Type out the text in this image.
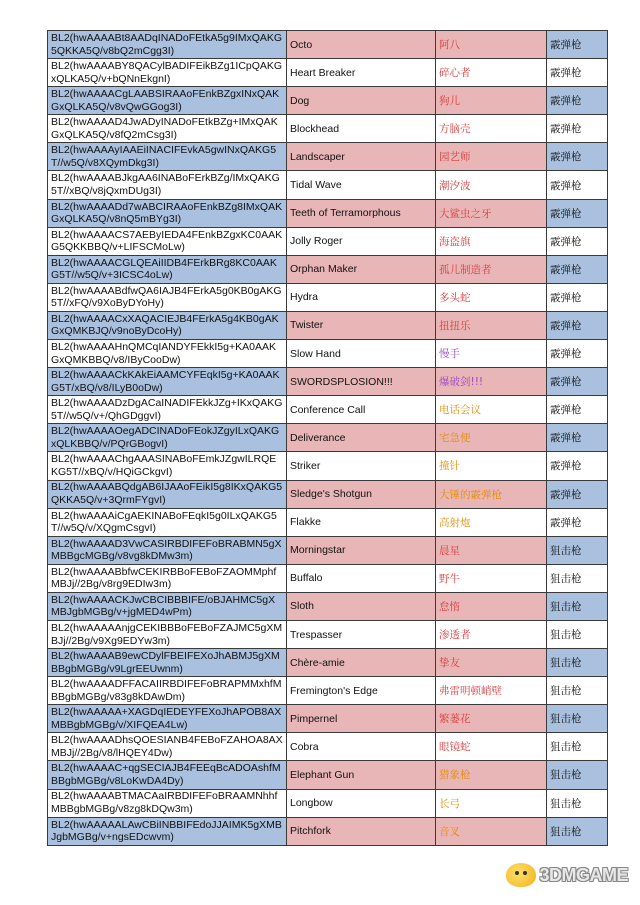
BL2(hwAAAABt8AADqINADoFEtkA5g9IMxQAKG5QKKA5Q/v8bQ2mCgg3I)	Octo	阿八	霰弹枪
BL2(hwAAAABY8QACylBADIFEikBZg1ICpQAKGxQLKA5Q/v+bQNnEkgnI)	Heart Breaker	碎心者	霰弹枪
BL2(hwAAAACgLAABSIRAAoFEnkBZgxINxQAKGxQLKA5Q/v8vQwGGog3I)	Dog	狗儿	霰弹枪
BL2(hwAAAAD4JwADyINADoFEtkBZg+IMxQAKGxQLKA5Q/v8fQ2mCsg3I)	Blockhead	方脑壳	霰弹枪
BL2(hwAAAAyIAAEiINACIFEvkA5gwINxQAKG5T//w5Q/v8XQymDkg3I)	Landscaper	园艺师	霰弹枪
BL2(hwAAAABJkgAA6INABoFErkBZg/IMxQAKG5T//xBQ/v8jQxmDUg3I)	Tidal Wave	潮汐波	霰弹枪
BL2(hwAAAADd7wABCIRAAoFEnkBZg8IMxQAKGxQLKA5Q/v8nQ5mBYg3I)	Teeth of Terramorphous	大鲨虫之牙	霰弹枪
BL2(hwAAAACS7AEByIEDA4FEnkBZgxKC0AAKG5QKKBBQ/v+LIFSCMoLw)	Jolly Roger	海盗旗	霰弹枪
BL2(hwAAAACGLQEAiIIDB4FErkBRg8KC0AAKG5T//w5Q/v+3ICSC4oLw)	Orphan Maker	孤儿制造者	霰弹枪
BL2(hwAAAABdfwQA6IAJB4FErkA5g0KB0gAKG5T//xFQ/v9XoByDYoHy)	Hydra	多头蛇	霰弹枪
BL2(hwAAAACxXAQACIEJB4FErkA5g4KB0gAKGxQMKBJQ/v9noByDcoHy)	Twister	扭扭乐	霰弹枪
BL2(hwAAAAHnQMCqIANDYFEkkI5g+KA0AAKGxQMKBBQ/v8/IByCooDw)	Slow Hand	慢手	霰弹枪
BL2(hwAAAACkKAkEiAAMCYFEqkI5g+KA0AAKG5T/xBQ/v8/ILyB0oDw)	SWORDSPLOSION!!!	爆破剑!!!	霰弹枪
BL2(hwAAAADzDgACaINADIFEkkJZg+IKxQAKG5T//w5Q/v+/QhGDggvI)	Conference Call	电话会议	霰弹枪
BL2(hwAAAAOegADCINADoFEokJZgyILxQAKGxQLKBBQ/v/PQrGBogvI)	Deliverance	宅急便	霰弹枪
BL2(hwAAAAChgAAASINABoFEmkJZgwILRQEKG5T//xBQ/v/HQiGCkgvI)	Striker	撞针	霰弹枪
BL2(hwAAAABQdgAB6IJAAoFEikI5g8IKxQAKG5QKKA5Q/v+3QrmFYgvI)	Sledge's Shotgun	大锤的霰弹枪	霰弹枪
BL2(hwAAAAiCgAEKINABoFEqkI5g0ILxQAKG5T//w5Q/v/XQgmCsgvI)	Flakke	高射炮	霰弹枪
BL2(hwAAAAD3VwCASIRBDIFEFoBRABMN5gXMBBgcMGBg/v8vg8kDMw3m)	Morningstar	晨星	狙击枪
BL2(hwAAAABbfwCEKIRBBoFEBoFZAOMMphfMBJj//2Bg/v8rg9EDIw3m)	Buffalo	野牛	狙击枪
BL2(hwAAAACKJwCBCIBBBIFE/oBJAHMC5gXMBJgbMGBg/v+jgMED4wPm)	Sloth	怠惰	狙击枪
BL2(hwAAAAAnjgCEKIBBBoFEBoFZAJMC5gXMBJj//2Bg/v9Xg9EDYw3m)	Trespasser	渗透者	狙击枪
BL2(hwAAAAB9ewCDylFBEIFEXoJhABMJ5gXMBBgbMGBg/v9LgrEEUwnm)	Chère-amie	挚友	狙击枪
BL2(hwAAAADFFACAIIRBDIFEFoBRAPMMxhfMBBgbMGBg/v83g8kDAwDm)	Fremington's Edge	弗雷明顿峭壁	狙击枪
BL2(hwAAAAA+XAGDqIEDEYFEXoJhAPOB8AXMBBgbMGBg/v/XIFQEA4Lw)	Pimpernel	繁蒌花	狙击枪
BL2(hwAAAADhsQOESIANB4FEBoFZAHOA8AXMBJj//2Bg/v8/lHQEY4Dw)	Cobra	眼镜蛇	狙击枪
BL2(hwAAAAC+qgSECIAJB4FEEqBcADOAshfMBBgbMGBg/v8LoKwDA4Dy)	Elephant Gun	猎象枪	狙击枪
BL2(hwAAAABTMACAaIRBDIFEFoBRAAMNhhfMBBgbMGBg/v8zg8kDQw3m)	Longbow	长弓	狙击枪
BL2(hwAAAAALAwCBiINBBIFEdoJJAIMK5gXMBJgbMGBg/v+ngsEDcwvm)	Pitchfork	音叉	狙击枪
3DMGAME
